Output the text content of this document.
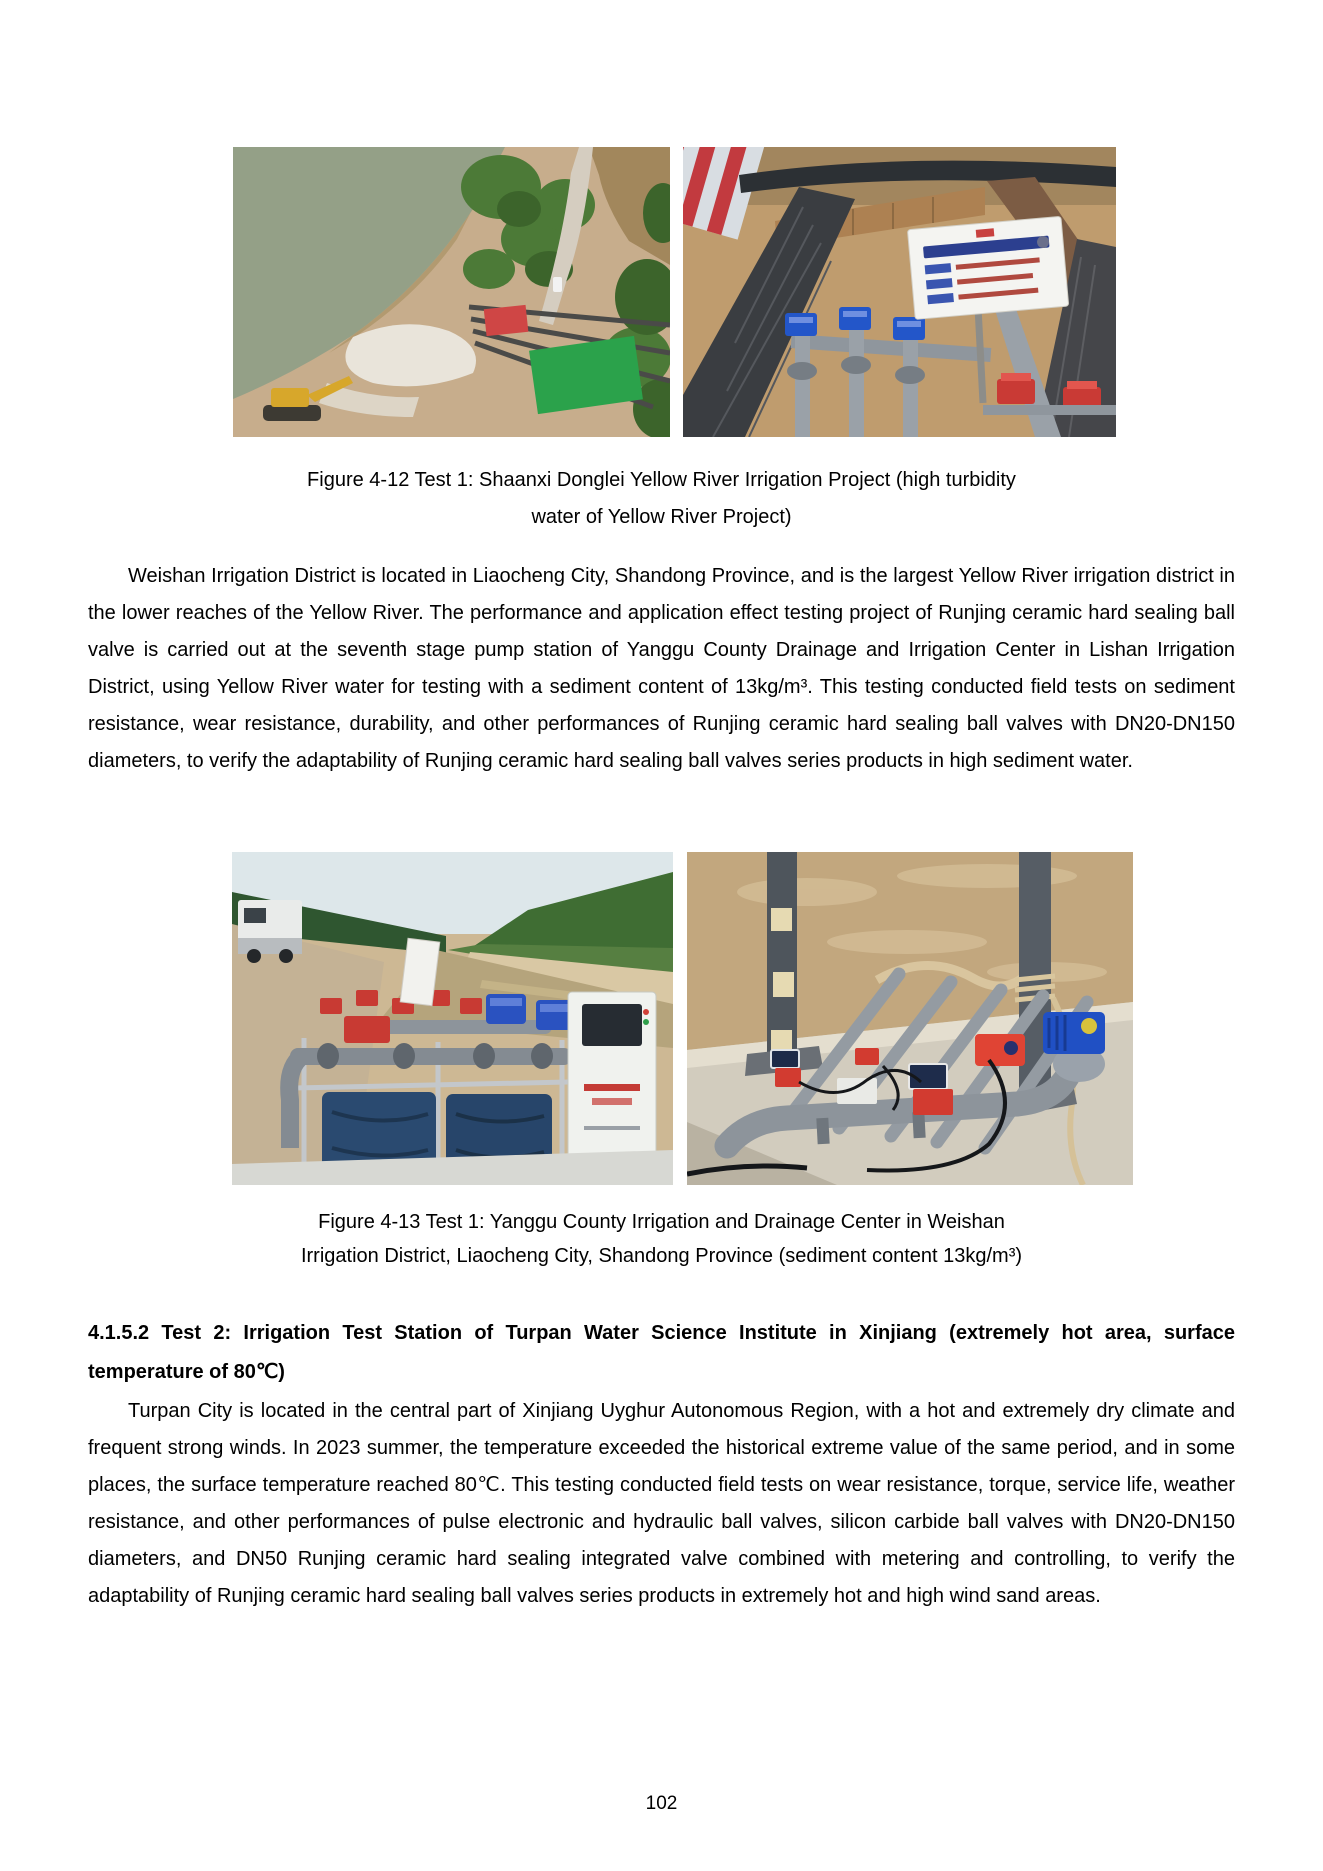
Figure 4-12 Test 1: Shaanxi Donglei Yellow River Irrigation Project (high turbidity
water of Yellow River Project)

Weishan Irrigation District is located in Liaocheng City, Shandong Province, and is the largest Yellow River irrigation district in the lower reaches of the Yellow River. The performance and application effect testing project of Runjing ceramic hard sealing ball valve is carried out at the seventh stage pump station of Yanggu County Drainage and Irrigation Center in Lishan Irrigation District, using Yellow River water for testing with a sediment content of 13kg/m³. This testing conducted field tests on sediment resistance, wear resistance, durability, and other performances of Runjing ceramic hard sealing ball valves with DN20-DN150 diameters, to verify the adaptability of Runjing ceramic hard sealing ball valves series products in high sediment water.

Figure 4-13 Test 1: Yanggu County Irrigation and Drainage Center in Weishan
Irrigation District, Liaocheng City, Shandong Province (sediment content 13kg/m³)
4.1.5.2 Test 2: Irrigation Test Station of Turpan Water Science Institute in Xinjiang (extremely hot area, surface temperature of 80℃)

Turpan City is located in the central part of Xinjiang Uyghur Autonomous Region, with a hot and extremely dry climate and frequent strong winds. In 2023 summer, the temperature exceeded the historical extreme value of the same period, and in some places, the surface temperature reached 80℃. This testing conducted field tests on wear resistance, torque, service life, weather resistance, and other performances of pulse electronic and hydraulic ball valves, silicon carbide ball valves with DN20-DN150 diameters, and DN50 Runjing ceramic hard sealing integrated valve combined with metering and controlling, to verify the adaptability of Runjing ceramic hard sealing ball valves series products in extremely hot and high wind sand areas.

102
